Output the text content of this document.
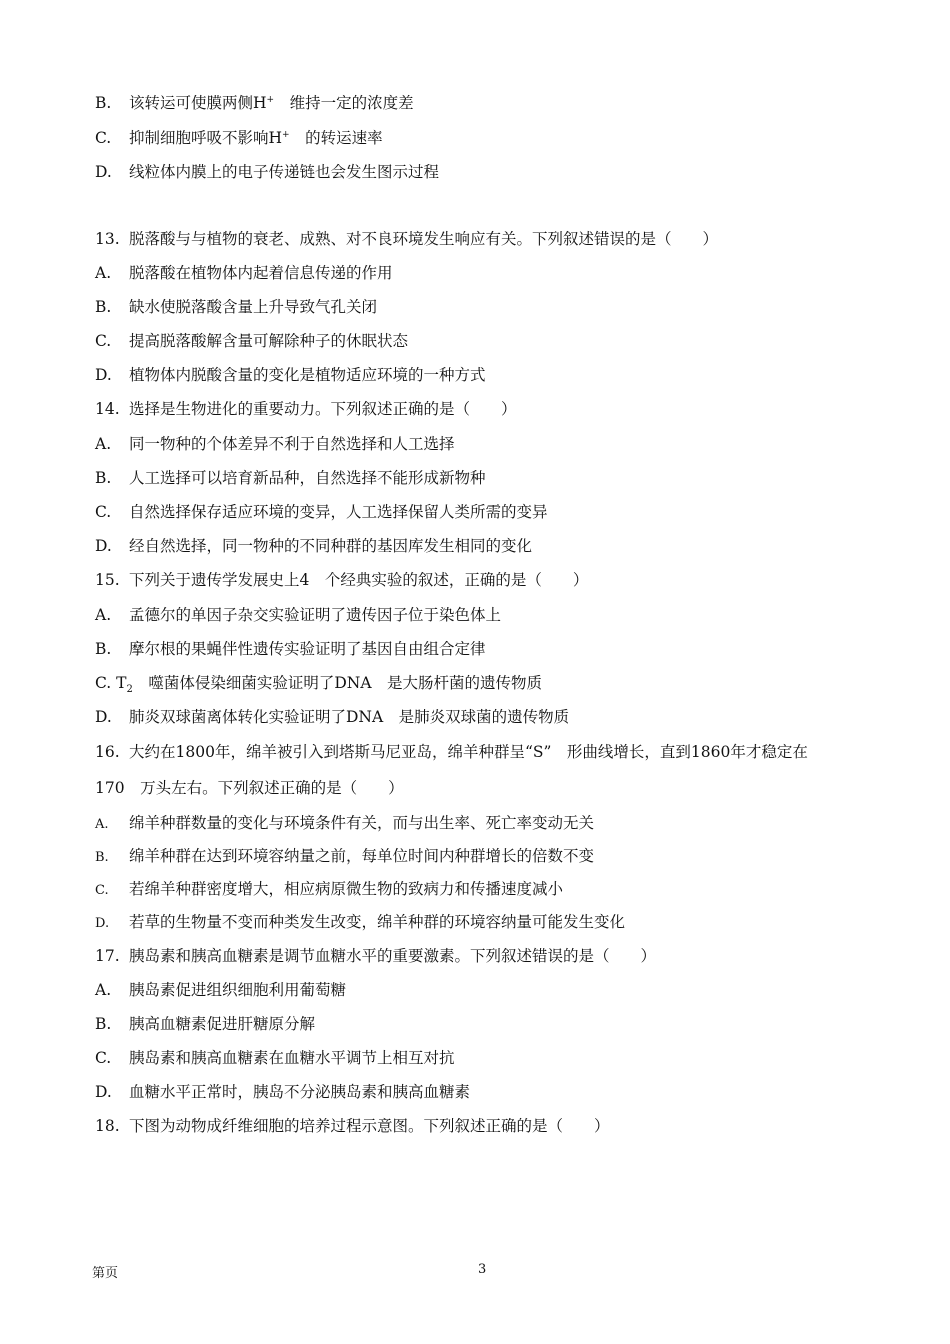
B. 该转运可使膜两侧H+　维持一定的浓度差
C. 抑制细胞呼吸不影响H+　的转运速率
D. 线粒体内膜上的电子传递链也会发生图示过程
13. 脱落酸与与植物的衰老、成熟、对不良环境发生响应有关。下列叙述错误的是（　　）
A. 脱落酸在植物体内起着信息传递的作用
B. 缺水使脱落酸含量上升导致气孔关闭
C. 提高脱落酸解含量可解除种子的休眠状态
D. 植物体内脱酸含量的变化是植物适应环境的一种方式
14. 选择是生物进化的重要动力。下列叙述正确的是（　　）
A. 同一物种的个体差异不利于自然选择和人工选择
B. 人工选择可以培育新品种，自然选择不能形成新物种
C. 自然选择保存适应环境的变异，人工选择保留人类所需的变异
D. 经自然选择，同一物种的不同种群的基因库发生相同的变化
15. 下列关于遗传学发展史上4　个经典实验的叙述，正确的是（　　）
A. 孟德尔的单因子杂交实验证明了遗传因子位于染色体上
B. 摩尔根的果蝇伴性遗传实验证明了基因自由组合定律
C. $T_2$　噬菌体侵染细菌实验证明了DNA　是大肠杆菌的遗传物质
D. 肺炎双球菌离体转化实验证明了DNA　是肺炎双球菌的遗传物质
16. 大约在1800年，绵羊被引入到塔斯马尼亚岛，绵羊种群呈“S”　形曲线增长，直到1860年才稳定在
170　万头左右。下列叙述正确的是（　　）
A. 绵羊种群数量的变化与环境条件有关，而与出生率、死亡率变动无关
B. 绵羊种群在达到环境容纳量之前，每单位时间内种群增长的倍数不变
C. 若绵羊种群密度增大，相应病原微生物的致病力和传播速度减小
D. 若草的生物量不变而种类发生改变，绵羊种群的环境容纳量可能发生变化
17. 胰岛素和胰高血糖素是调节血糖水平的重要激素。下列叙述错误的是（　　）
A. 胰岛素促进组织细胞利用葡萄糖
B. 胰高血糖素促进肝糖原分解
C. 胰岛素和胰高血糖素在血糖水平调节上相互对抗
D. 血糖水平正常时，胰岛不分泌胰岛素和胰高血糖素
18. 下图为动物成纤维细胞的培养过程示意图。下列叙述正确的是（　　）
第页	3
